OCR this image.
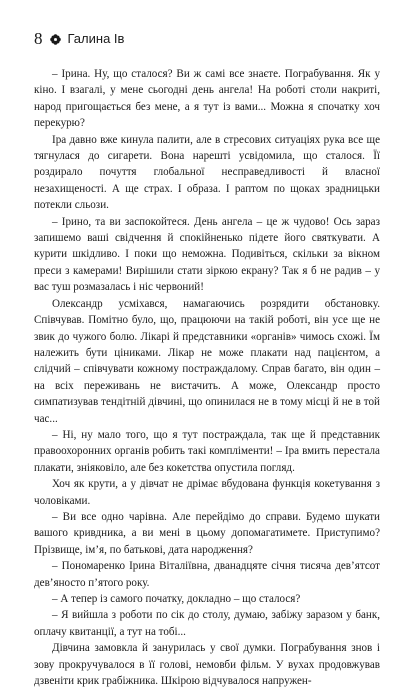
8 Галина Ів

– Ірина. Ну, що сталося? Ви ж самі все знаєте. Пограбування. Як у кіно. І взагалі, у мене сьогодні день ангела! На роботі столи накриті, народ пригощається без мене, а я тут із вами... Можна я спочатку хоч перекурю?

Іра давно вже кинула палити, але в стресових ситуаціях рука все ще тягнулася до сигарети. Вона нарешті усвідомила, що сталося. Її роздирало почуття глобальної несправедливості й власної незахищеності. А ще страх. І образа. І раптом по щоках зрадницьки потекли сльози.

– Ірино, та ви заспокойтеся. День ангела – це ж чудово! Ось зараз запишемо ваші свідчення й спокійненько підете його святкувати. А курити шкідливо. І поки що неможна. Подивіться, скільки за вікном преси з камерами! Вирішили стати зіркою екрану? Так я б не радив – у вас туш розмазалась і ніс червоний!

Олександр усміхався, намагаючись розрядити обстановку. Співчував. Помітно було, що, працюючи на такій роботі, він усе ще не звик до чужого болю. Лікарі й представники «органів» чимось схожі. Їм належить бути ціниками. Лікар не може плакати над пацієнтом, а слідчий – співчувати кожному постраждалому. Справ багато, він один – на всіх переживань не вистачить. А може, Олександр просто симпатизував тендітній дівчині, що опинилася не в тому місці й не в той час...

– Ні, ну мало того, що я тут постраждала, так ще й представник правоохоронних органів робить такі компліменти! – Іра вмить перестала плакати, зніяковіло, але без кокетства опустила погляд.

Хоч як крути, а у дівчат не дрімає вбудована функція кокетування з чоловіками.

– Ви все одно чарівна. Але перейдімо до справи. Будемо шукати вашого кривдника, а ви мені в цьому допомагатимете. Приступимо? Прізвище, ім’я, по батькові, дата народження?

– Пономаренко Ірина Віталіївна, дванадцяте січня тисяча дев’ятсот дев’яносто п’ятого року.

– А тепер із самого початку, докладно – що сталося?

– Я вийшла з роботи по сік до столу, думаю, забіжу заразом у банк, оплачу квитанції, а тут на тобі...

Дівчина замовкла й занурилась у свої думки. Пограбування знов і зову прокручувалося в її голові, немовби фільм. У вухах продовжував дзвеніти крик грабіжника. Шкірою відчувалося напружен-
